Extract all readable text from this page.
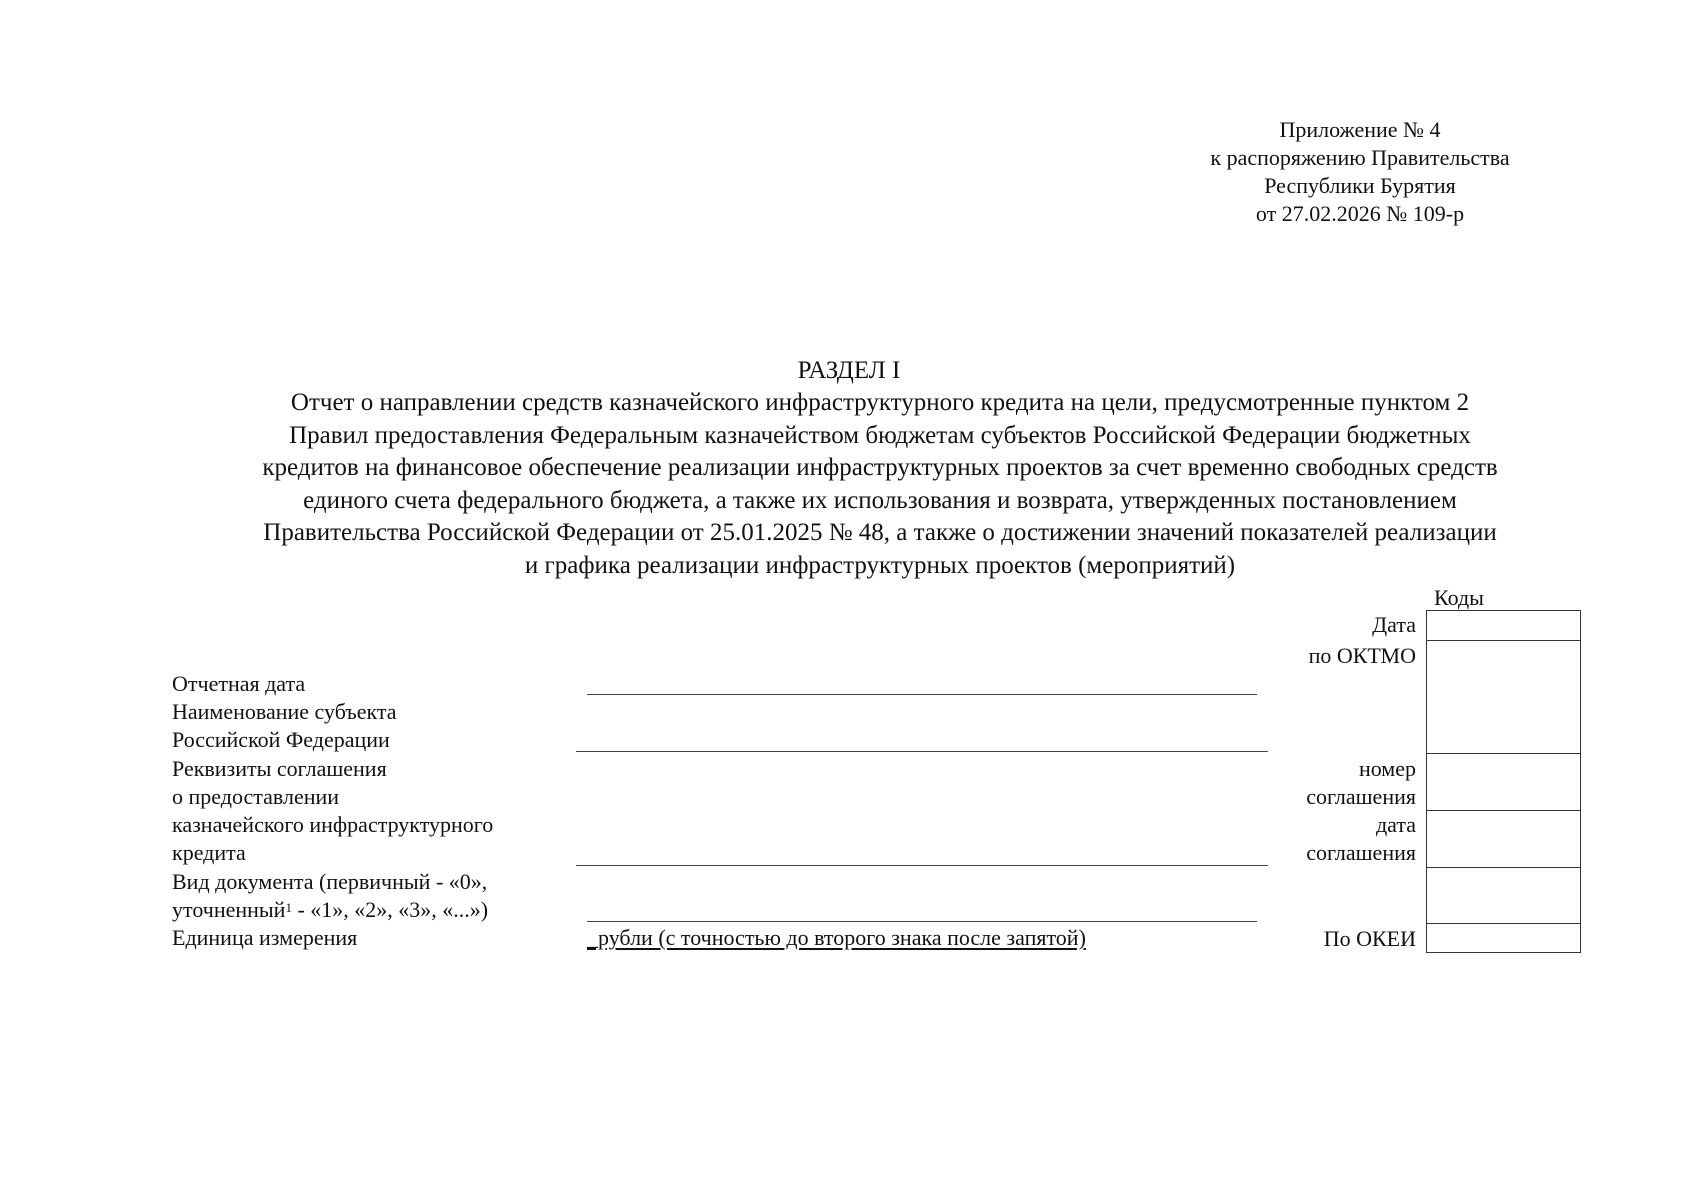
Приложение № 4
к распоряжению Правительства
Республики Бурятия
от 27.02.2026 № 109-р
РАЗДЕЛ I
Отчет о направлении средств казначейского инфраструктурного кредита на цели, предусмотренные пунктом 2
Правил предоставления Федеральным казначейством бюджетам субъектов Российской Федерации бюджетных
кредитов на финансовое обеспечение реализации инфраструктурных проектов за счет временно свободных средств
единого счета федерального бюджета, а также их использования и возврата, утвержденных постановлением
Правительства Российской Федерации от 25.01.2025 № 48, а также о достижении значений показателей реализации
и графика реализации инфраструктурных проектов (мероприятий)
Коды
Дата
по ОКТМО
номер
соглашения
дата
соглашения
По ОКЕИ
Отчетная дата
Наименование субъекта
Российской Федерации
Реквизиты соглашения
о предоставлении
казначейского инфраструктурного
кредита
Вид документа (первичный - «0»,
уточненный$^1$ - «1», «2», «3», «...»)
Единица измерения	_рубли (с точностью до второго знака после запятой)
